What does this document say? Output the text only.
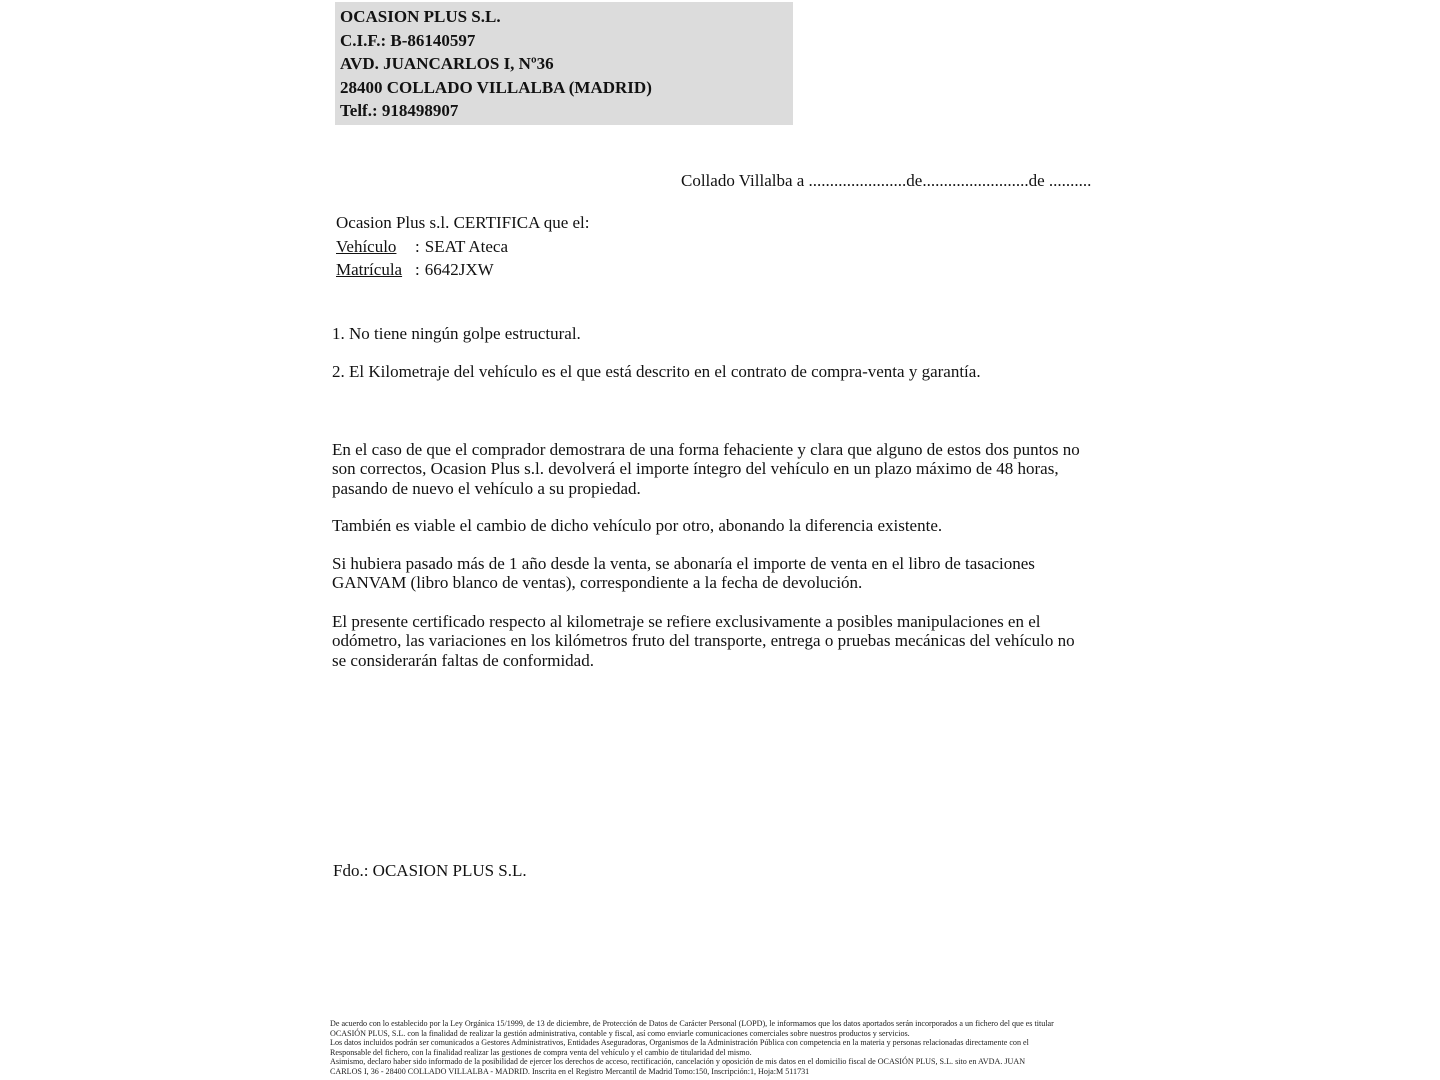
OCASION PLUS S.L.
C.I.F.: B-86140597
AVD. JUANCARLOS I, Nº36
28400 COLLADO VILLALBA (MADRID)
Telf.: 918498907
Collado Villalba a .......................de.........................de ..........
Ocasion Plus s.l. CERTIFICA que el:
Vehículo : SEAT Ateca
Matrícula : 6642JXW
1. No tiene ningún golpe estructural.
2. El Kilometraje del vehículo es el que está descrito en el contrato de compra-venta y garantía.
En el caso de que el comprador demostrara de una forma fehaciente y clara que alguno de estos dos puntos no
son correctos, Ocasion Plus s.l. devolverá el importe íntegro del vehículo en un plazo máximo de 48 horas,
pasando de nuevo el vehículo a su propiedad.
También es viable el cambio de dicho vehículo por otro, abonando la diferencia existente.
Si hubiera pasado más de 1 año desde la venta, se abonaría el importe de venta en el libro de tasaciones
GANVAM (libro blanco de ventas), correspondiente a la fecha de devolución.
El presente certificado respecto al kilometraje se refiere exclusivamente a posibles manipulaciones en el
odómetro, las variaciones en los kilómetros fruto del transporte, entrega o pruebas mecánicas del vehículo no
se considerarán faltas de conformidad.
Fdo.: OCASION PLUS S.L.
De acuerdo con lo establecido por la Ley Orgánica 15/1999, de 13 de diciembre, de Protección de Datos de Carácter Personal (LOPD), le informamos que los datos aportados serán incorporados a un fichero del que es titular
OCASIÓN PLUS, S.L. con la finalidad de realizar la gestión administrativa, contable y fiscal, así como enviarle comunicaciones comerciales sobre nuestros productos y servicios.
Los datos incluidos podrán ser comunicados a Gestores Administrativos, Entidades Aseguradoras, Organismos de la Administración Pública con competencia en la materia y personas relacionadas directamente con el
Responsable del fichero, con la finalidad realizar las gestiones de compra venta del vehículo y el cambio de titularidad del mismo.
Asimismo, declaro haber sido informado de la posibilidad de ejercer los derechos de acceso, rectificación, cancelación y oposición de mis datos en el domicilio fiscal de OCASIÓN PLUS, S.L. sito en AVDA. JUAN
CARLOS I, 36 - 28400 COLLADO VILLALBA - MADRID. Inscrita en el Registro Mercantil de Madrid Tomo:150, Inscripción:1, Hoja:M 511731
